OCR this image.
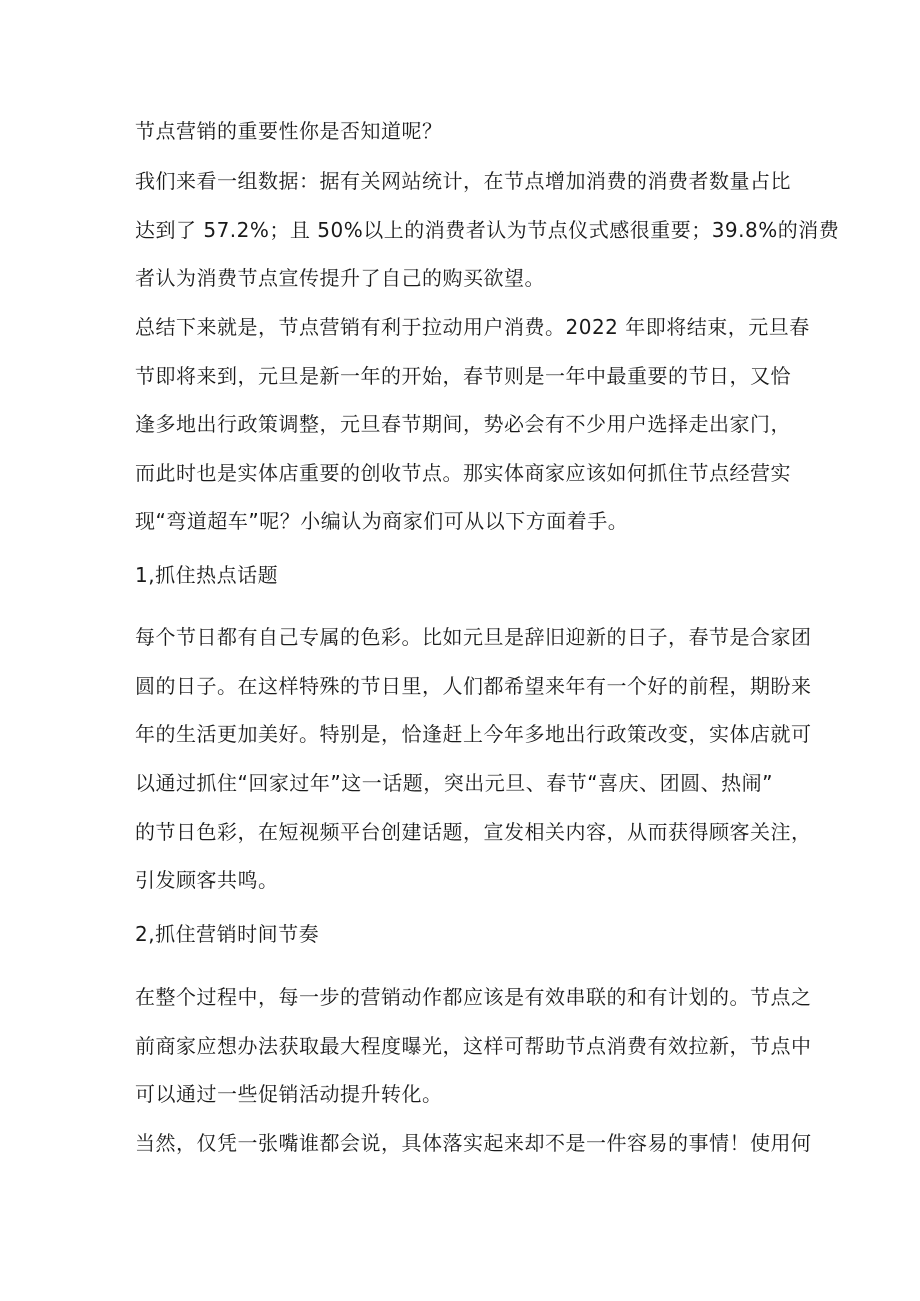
节点营销的重要性你是否知道呢？
我们来看一组数据：据有关网站统计，在节点增加消费的消费者数量占比
达到了 57.2%；且 50%以上的消费者认为节点仪式感很重要；39.8%的消费
者认为消费节点宣传提升了自己的购买欲望。
总结下来就是，节点营销有利于拉动用户消费。2022 年即将结束，元旦春
节即将来到，元旦是新一年的开始，春节则是一年中最重要的节日，又恰
逢多地出行政策调整，元旦春节期间，势必会有不少用户选择走出家门，
而此时也是实体店重要的创收节点。那实体商家应该如何抓住节点经营实
现“弯道超车”呢？小编认为商家们可从以下方面着手。
1,抓住热点话题
每个节日都有自己专属的色彩。比如元旦是辞旧迎新的日子，春节是合家团
圆的日子。在这样特殊的节日里，人们都希望来年有一个好的前程，期盼来
年的生活更加美好。特别是，恰逢赶上今年多地出行政策改变，实体店就可
以通过抓住“回家过年”这一话题，突出元旦、春节“喜庆、团圆、热闹”
的节日色彩，在短视频平台创建话题，宣发相关内容，从而获得顾客关注，
引发顾客共鸣。
2,抓住营销时间节奏
在整个过程中，每一步的营销动作都应该是有效串联的和有计划的。节点之
前商家应想办法获取最大程度曝光，这样可帮助节点消费有效拉新，节点中
可以通过一些促销活动提升转化。
当然，仅凭一张嘴谁都会说，具体落实起来却不是一件容易的事情！使用何
